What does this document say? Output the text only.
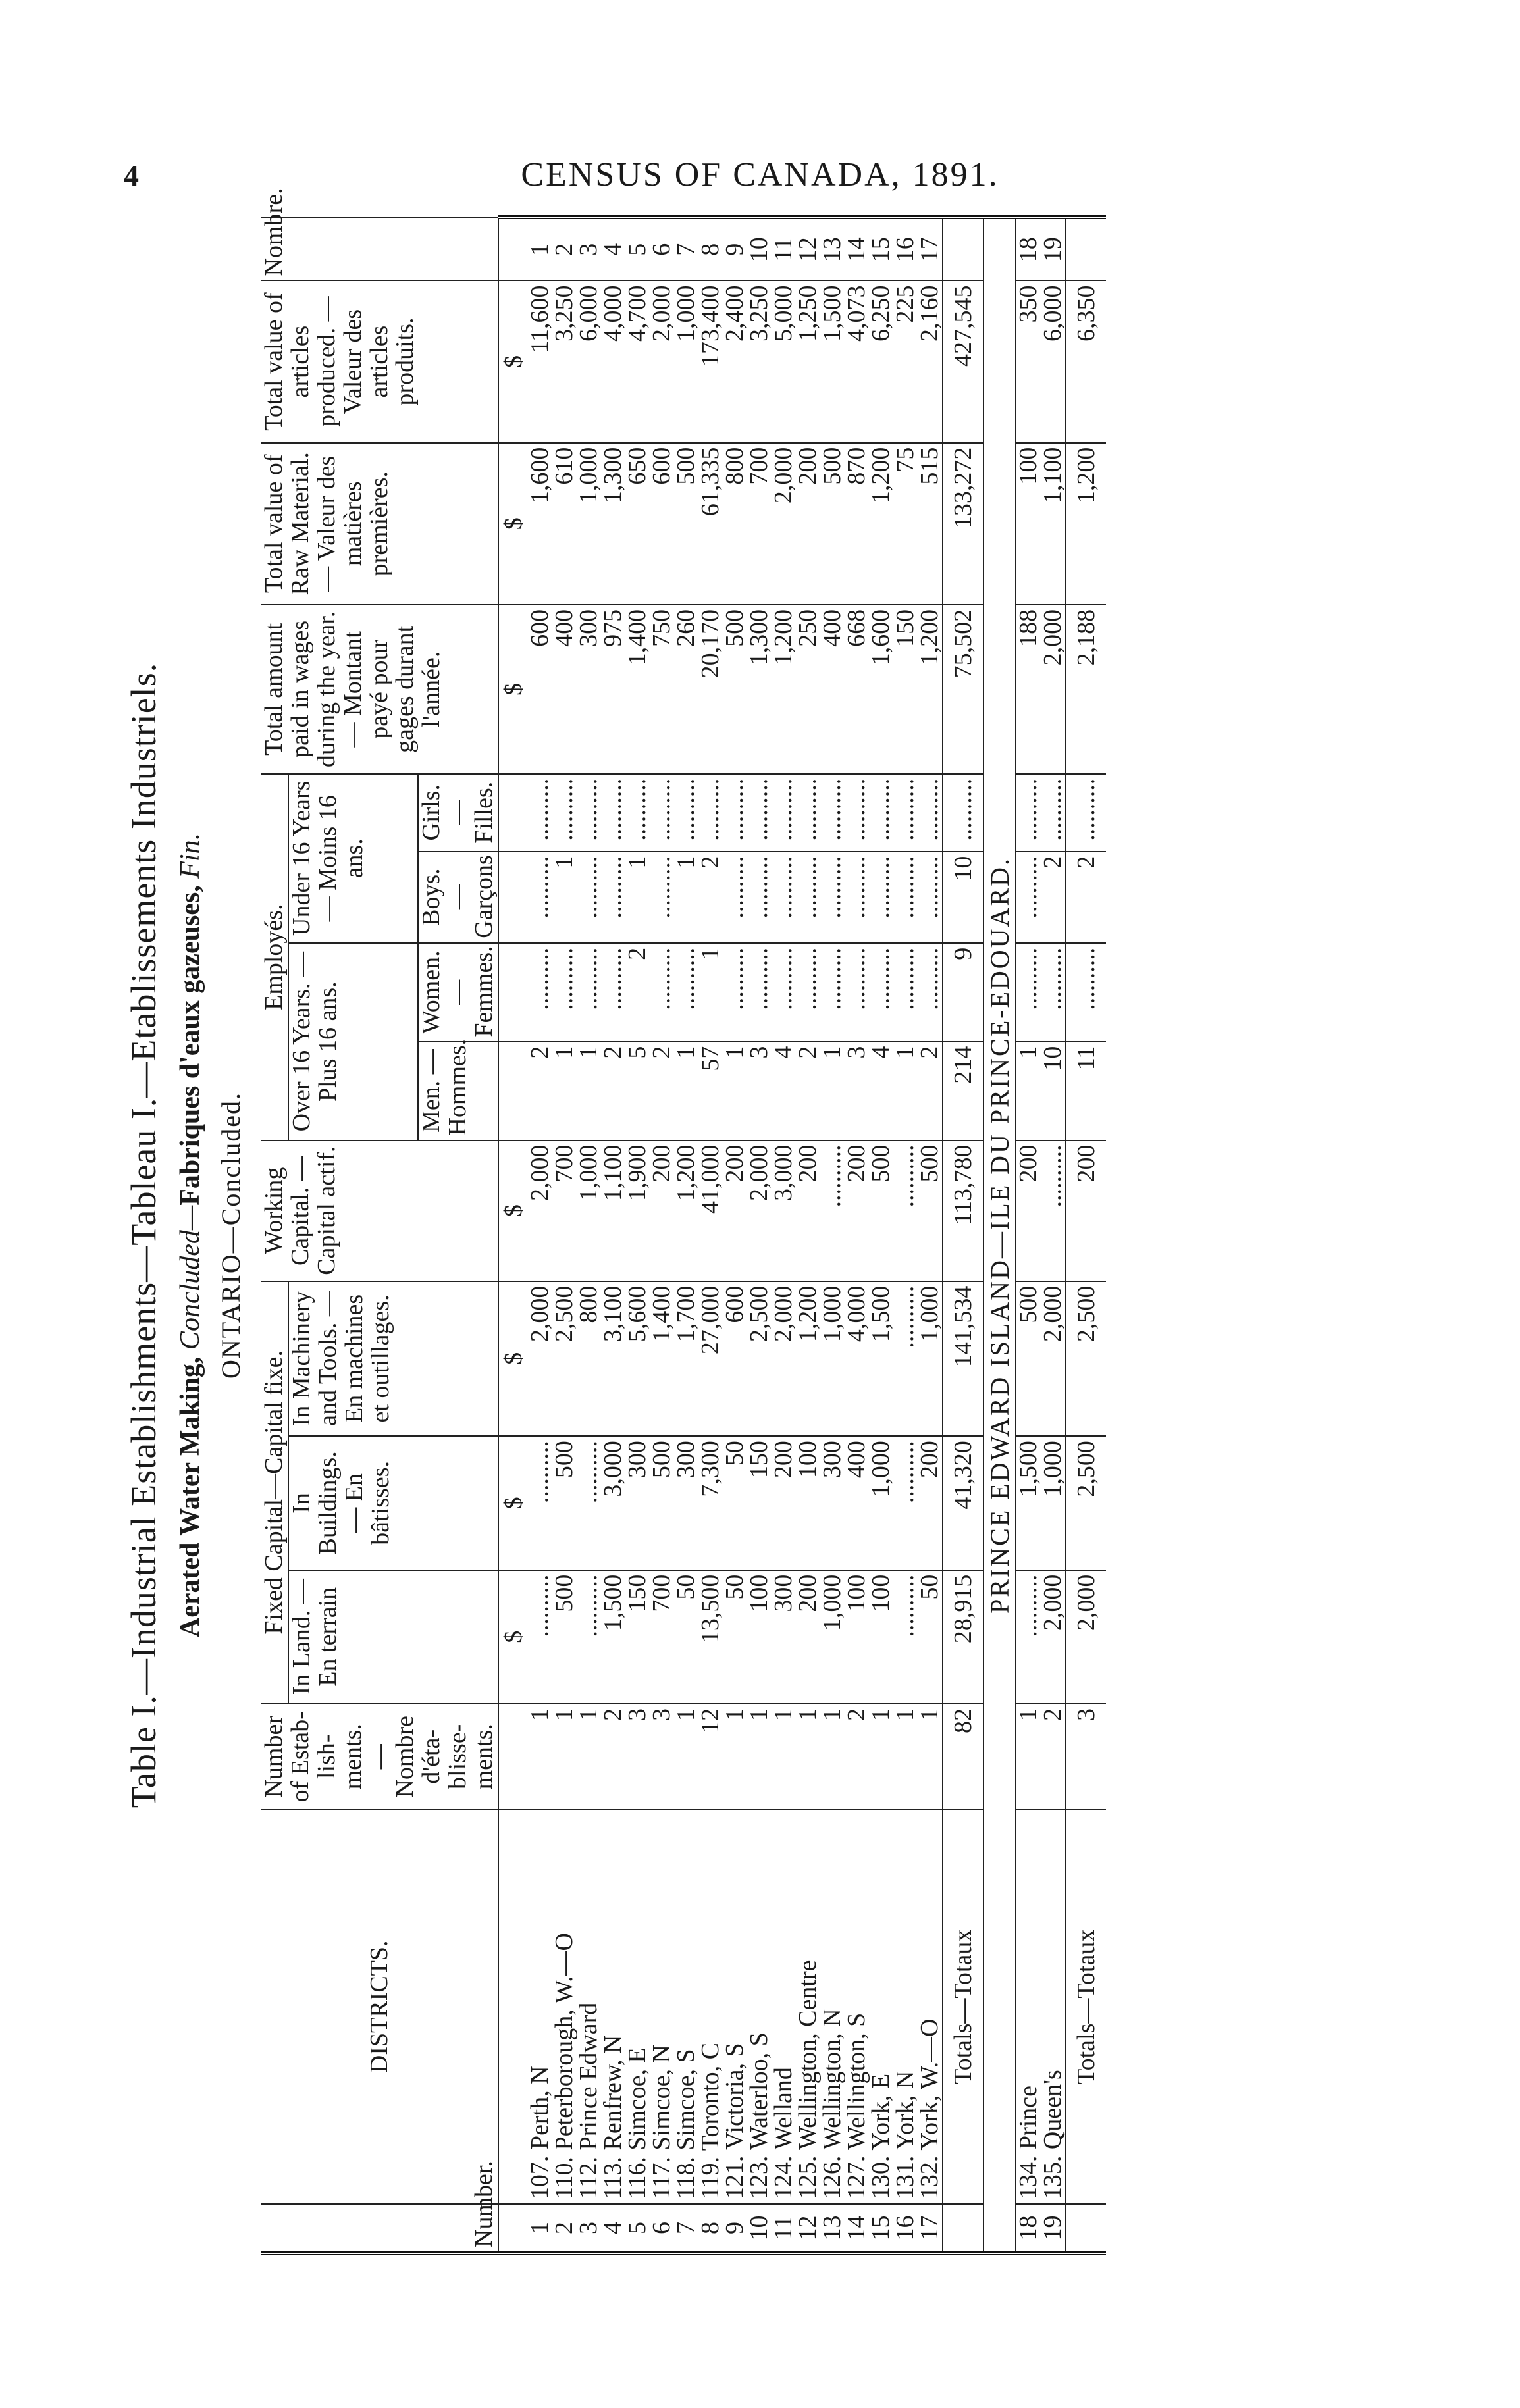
4	CENSUS OF CANADA, 1891.
Table I.—Industrial Establishments—Tableau I.—Etablissements Industriels. Aerated Water Making, Concluded—Fabriques d'eaux gazeuses, Fin.
ONTARIO—Concluded.
Number.	DISTRICTS.	Number of Estab- lish- ments. — Nombre d'éta- blisse- ments.	Fixed Capital—Capital fixe.			Working Capital. — Capital actif.	Employés.				Total amount paid in wages during the year. — Montant payé pour gages durant l'année.	Total value of Raw Material. — Valeur des matières premières.	Total value of articles produced. — Valeur des articles produits.	Nombre.
			In Land. — En terrain	In Buildings. — En bâtisses.	In Machinery and Tools. — En machines et outillages.		Over 16 Years. — Plus 16 ans.		Under 16 Years — Moins 16 ans.					
							Men. — Hommes.	Women. — Femmes.	Boys. — Garçons	Girls. — Filles.				
			$	$	$	$					$	$	$	
1	107. Perth, N	1	..........	..........	2,000	2,000	2	..........	..........	..........	600	1,600	11,600	1
2	110. Peterborough, W.—O	1	500	500	2,500	700	1	..........	1	..........	400	610	3,250	2
3	112. Prince Edward	1	..........	..........	800	1,000	1	..........	..........	..........	300	1,000	6,000	3
4	113. Renfrew, N	2	1,500	3,000	3,100	1,100	2	..........	..........	..........	975	1,300	4,000	4
5	116. Simcoe, E	3	150	300	5,600	1,900	5	2	1	..........	1,400	650	4,700	5
6	117. Simcoe, N	3	700	500	1,400	200	2	..........	..........	..........	750	600	2,000	6
7	118. Simcoe, S	1	50	300	1,700	1,200	1	..........	1	..........	260	500	1,000	7
8	119. Toronto, C	12	13,500	7,300	27,000	41,000	57	1	2	..........	20,170	61,335	173,400	8
9	121. Victoria, S	1	50	50	600	200	1	..........	..........	..........	500	800	2,400	9
10	123. Waterloo, S	1	100	150	2,500	2,000	3	..........	..........	..........	1,300	700	3,250	10
11	124. Welland	1	300	200	2,000	3,000	4	..........	..........	..........	1,200	2,000	5,000	11
12	125. Wellington, Centre	1	200	100	1,200	200	2	..........	..........	..........	250	200	1,250	12
13	126. Wellington, N	1	1,000	300	1,000	..........	1	..........	..........	..........	400	500	1,500	13
14	127. Wellington, S	2	100	400	4,000	200	3	..........	..........	..........	668	870	4,073	14
15	130. York, E	1	100	1,000	1,500	500	4	..........	..........	..........	1,600	1,200	6,250	15
16	131. York, N	1	..........	..........	..........	..........	1	..........	..........	..........	150	75	225	16
17	132. York, W.—O	1	50	200	1,000	500	2	..........	..........	..........	1,200	515	2,160	17
	Totals—Totaux	82	28,915	41,320	141,534	113,780	214	9	10	..........	75,502	133,272	427,545	
PRINCE EDWARD ISLAND—ILE DU PRINCE-EDOUARD.														
18	134. Prince	1	..........	1,500	500	200	1	..........	..........	..........	188	100	350	18
19	135. Queen's	2	2,000	1,000	2,000	..........	10	..........	2	..........	2,000	1,100	6,000	19
	Totals—Totaux	3	2,000	2,500	2,500	200	11	..........	2	..........	2,188	1,200	6,350	
